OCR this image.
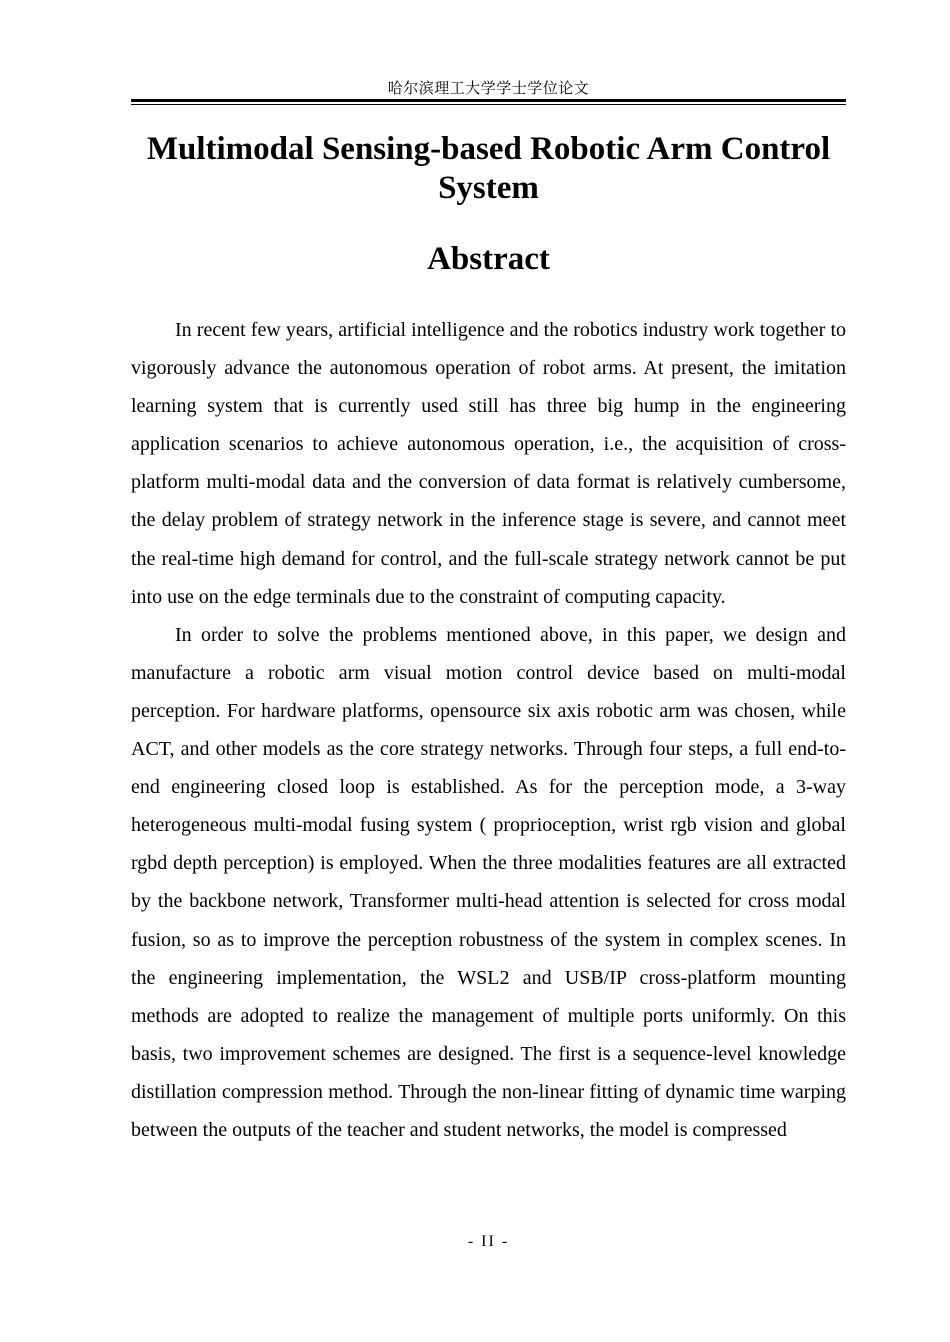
哈尔滨理工大学学士学位论文
Multimodal Sensing-based Robotic Arm Control System
Abstract

In recent few years, artificial intelligence and the robotics industry work together to vigorously advance the autonomous operation of robot arms. At present, the imitation learning system that is currently used still has three big hump in the engineering application scenarios to achieve autonomous operation, i.e., the acquisition of cross-platform multi-modal data and the conversion of data format is relatively cumbersome, the delay problem of strategy network in the inference stage is severe, and cannot meet the real-time high demand for control, and the full-scale strategy network cannot be put into use on the edge terminals due to the constraint of computing capacity.

In order to solve the problems mentioned above, in this paper, we design and manufacture a robotic arm visual motion control device based on multi-modal perception. For hardware platforms, opensource six axis robotic arm was chosen, while ACT, and other models as the core strategy networks. Through four steps, a full end-to-end engineering closed loop is established. As for the perception mode, a 3-way heterogeneous multi-modal fusing system ( proprioception, wrist rgb vision and global rgbd depth perception) is employed. When the three modalities features are all extracted by the backbone network, Transformer multi-head attention is selected for cross modal fusion, so as to improve the perception robustness of the system in complex scenes. In the engineering implementation, the WSL2 and USB/IP cross-platform mounting methods are adopted to realize the management of multiple ports uniformly. On this basis, two improvement schemes are designed. The first is a sequence-level knowledge distillation compression method. Through the non-linear fitting of dynamic time warping between the outputs of the teacher and student networks, the model is compressed

- II -
